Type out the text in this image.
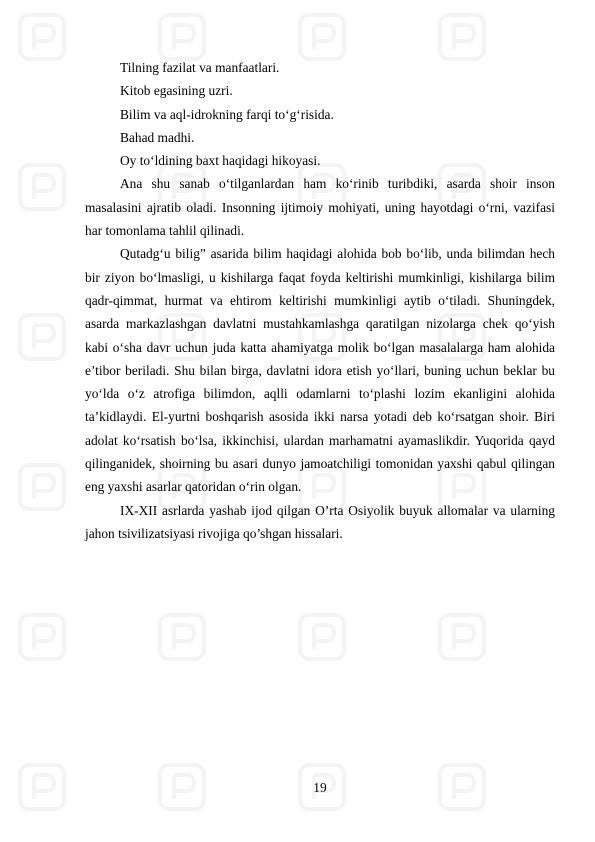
Tilning fazilat va manfaatlari.
Kitob egasining uzri.
Bilim va aql-idrokning farqi to‘g‘risida.
Bahad madhi.
Oy to‘ldining baxt haqidagi hikoyasi.

Ana shu sanab o‘tilganlardan ham ko‘rinib turibdiki, asarda shoir inson masalasini ajratib oladi. Insonning ijtimoiy mohiyati, uning hayotdagi o‘rni, vazifasi har tomonlama tahlil qilinadi.

Qutadg‘u bilig” asarida bilim haqidagi alohida bob bo‘lib, unda bilimdan hech bir ziyon bo‘lmasligi, u kishilarga faqat foyda keltirishi mumkinligi, kishilarga bilim qadr-qimmat, hurmat va ehtirom keltirishi mumkinligi aytib o‘tiladi. Shuningdek, asarda markazlashgan davlatni mustahkamlashga qaratilgan nizolarga chek qo‘yish kabi o‘sha davr uchun juda katta ahamiyatga molik bo‘lgan masalalarga ham alohida e’tibor beriladi. Shu bilan birga, davlatni idora etish yo‘llari, buning uchun beklar bu yo‘lda o‘z atrofiga bilimdon, aqlli odamlarni to‘plashi lozim ekanligini alohida ta’kidlaydi. El-yurtni boshqarish asosida ikki narsa yotadi deb ko‘rsatgan shoir. Biri adolat ko‘rsatish bo‘lsa, ikkinchisi, ulardan marhamatni ayamaslikdir. Yuqorida qayd qilinganidek, shoirning bu asari dunyo jamoatchiligi tomonidan yaxshi qabul qilingan eng yaxshi asarlar qatoridan o‘rin olgan.

IX-XII asrlarda yashab ijod qilgan O’rta Osiyolik buyuk allomalar va ularning jahon tsivilizatsiyasi rivojiga qo’shgan hissalari.

19
